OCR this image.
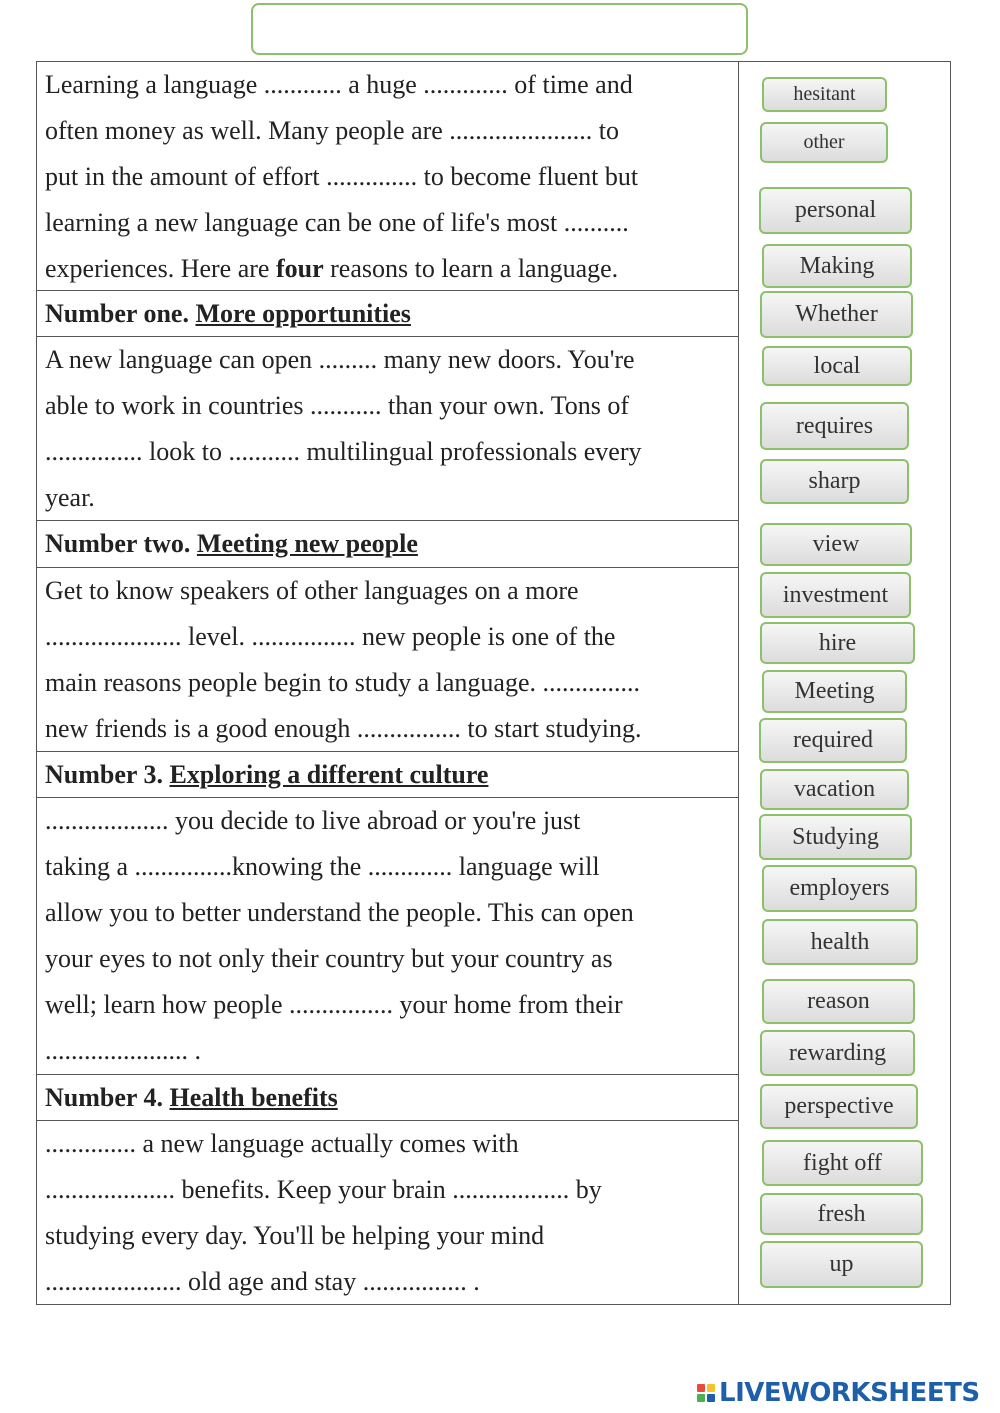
Learning a language ............ a huge ............. of time and

often money as well. Many people are ...................... to

put in the amount of effort .............. to become fluent but

learning a new language can be one of life's most ..........

experiences. Here are four reasons to learn a language.

Number one. More opportunities

A new language can open ......... many new doors. You're

able to work in countries ........... than your own. Tons of

............... look to ........... multilingual professionals every

year.

Number two. Meeting new people

Get to know speakers of other languages on a more

..................... level. ................ new people is one of the

main reasons people begin to study a language. ...............

new friends is a good enough ................ to start studying.

Number 3. Exploring a different culture

................... you decide to live abroad or you're just

taking a ...............knowing the ............. language will

allow you to better understand the people. This can open

your eyes to not only their country but your country as

well; learn how people ................ your home from their

...................... .

Number 4. Health benefits

.............. a new language actually comes with

.................... benefits. Keep your brain .................. by

studying every day. You'll be helping your mind

..................... old age and stay ................ .

hesitant
other
personal
Making
Whether
local
requires
sharp
view
investment
hire
Meeting
required
vacation
Studying
employers
health
reason
rewarding
perspective
fight off
fresh
up
LIVEWORKSHEETS
